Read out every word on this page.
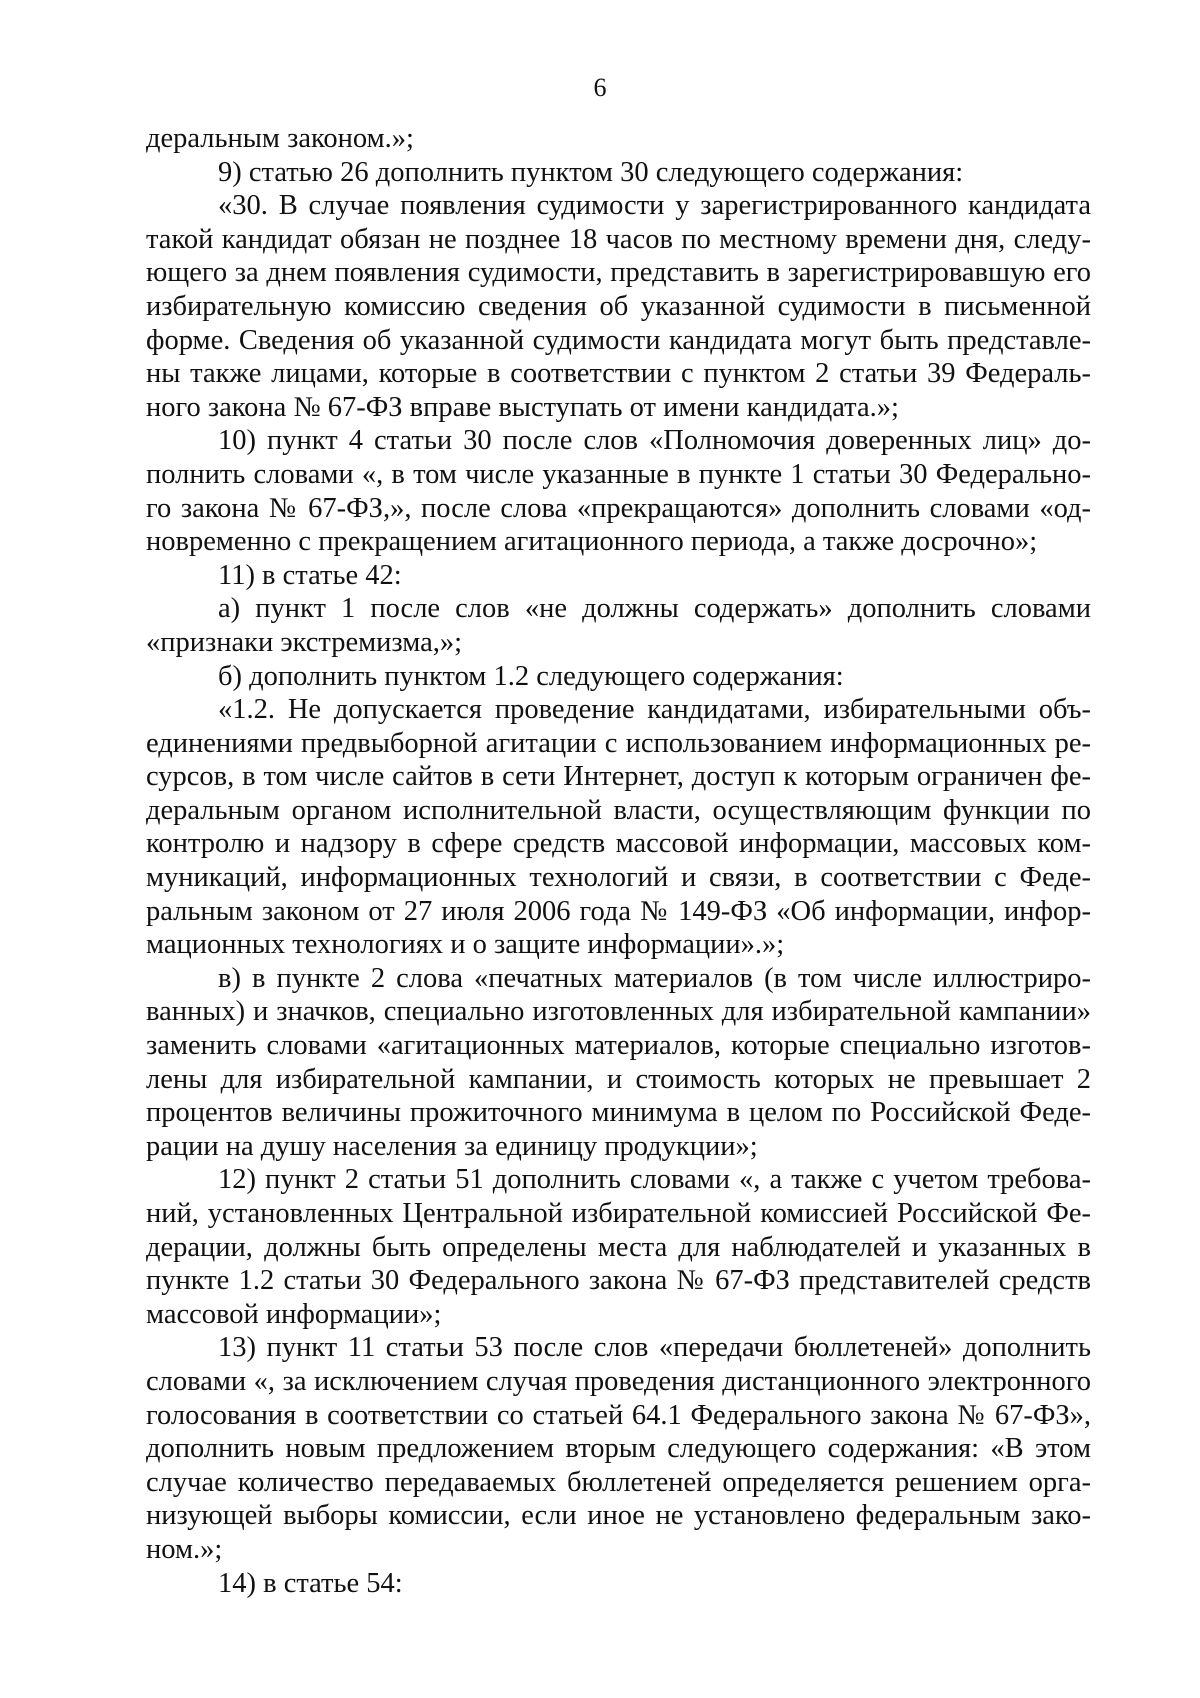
6
деральным законом.»;
9) статью 26 дополнить пунктом 30 следующего содержания:
«30. В случае появления судимости у зарегистрированного кандидата
такой кандидат обязан не позднее 18 часов по местному времени дня, следу-
ющего за днем появления судимости, представить в зарегистрировавшую его
избирательную комиссию сведения об указанной судимости в письменной
форме. Сведения об указанной судимости кандидата могут быть представле-
ны также лицами, которые в соответствии с пунктом 2 статьи 39 Федераль-
ного закона № 67-ФЗ вправе выступать от имени кандидата.»;
10) пункт 4 статьи 30 после слов «Полномочия доверенных лиц» до-
полнить словами «, в том числе указанные в пункте 1 статьи 30 Федерально-
го закона № 67-ФЗ,», после слова «прекращаются» дополнить словами «од-
новременно с прекращением агитационного периода, а также досрочно»;
11) в статье 42:
а) пункт 1 после слов «не должны содержать» дополнить словами
«признаки экстремизма,»;
б) дополнить пунктом 1.2 следующего содержания:
«1.2. Не допускается проведение кандидатами, избирательными объ-
единениями предвыборной агитации с использованием информационных ре-
сурсов, в том числе сайтов в сети Интернет, доступ к которым ограничен фе-
деральным органом исполнительной власти, осуществляющим функции по
контролю и надзору в сфере средств массовой информации, массовых ком-
муникаций, информационных технологий и связи, в соответствии с Феде-
ральным законом от 27 июля 2006 года № 149-ФЗ «Об информации, инфор-
мационных технологиях и о защите информации».»;
в) в пункте 2 слова «печатных материалов (в том числе иллюстриро-
ванных) и значков, специально изготовленных для избирательной кампании»
заменить словами «агитационных материалов, которые специально изготов-
лены для избирательной кампании, и стоимость которых не превышает 2
процентов величины прожиточного минимума в целом по Российской Феде-
рации на душу населения за единицу продукции»;
12) пункт 2 статьи 51 дополнить словами «, а также с учетом требова-
ний, установленных Центральной избирательной комиссией Российской Фе-
дерации, должны быть определены места для наблюдателей и указанных в
пункте 1.2 статьи 30 Федерального закона № 67-ФЗ представителей средств
массовой информации»;
13) пункт 11 статьи 53 после слов «передачи бюллетеней» дополнить
словами «, за исключением случая проведения дистанционного электронного
голосования в соответствии со статьей 64.1 Федерального закона № 67-ФЗ»,
дополнить новым предложением вторым следующего содержания: «В этом
случае количество передаваемых бюллетеней определяется решением орга-
низующей выборы комиссии, если иное не установлено федеральным зако-
ном.»;
14) в статье 54:
